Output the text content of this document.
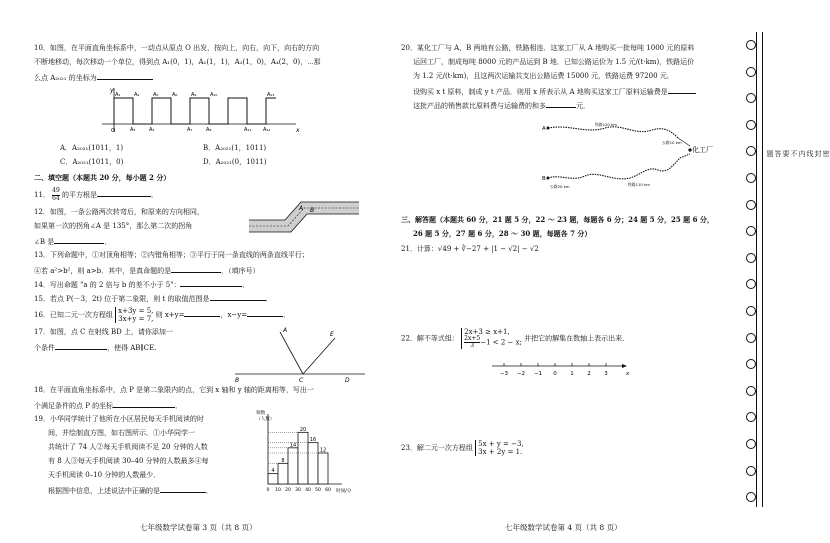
10．如图，在平面直角坐标系中，一动点从原点 O 出发，按向上，向右，向下，向右的方向
不断地移动，每次移动一个单位，得到点 A₁(0，1)，A₂(1，1)，A₃(1，0)，A₄(2，0)，⋯那
么点 A₂₀₂₁ 的坐标为
y
x
O
A₁	A₂	A₅	A₆	A₉	A₁₀	A₁₃
A₃	A₄	A₇	A₈	A₁₁ A₁₂
A．A₂₀₂₁(1011，1)	B．A₂₀₂₁(1，1011)
C．A₂₀₂₁(1011，0)	D．A₂₀₂₁(0，1011)
二、填空题（本题共 20 分，每小题 2 分）
11． $\frac{49}{64}$ 的平方根是	．
12．如图，一条公路两次转弯后，和原来的方向相同，
如果第一次的拐角∠A 是 135°，那么第二次的拐角
∠B 是	．
A B
13．下列命题中，①对顶角相等；②内错角相等；③平行于同一条直线的两条直线平行；
④若 a²>b²，则 a>b．其中，是真命题的是	．（填序号）
14．写出命题 "a 的 2 倍与 b 的差不小于 5"：	．
15．若点 P(－3，2t) 位于第二象限，则 t 的取值范围是	．
16．已知二元一次方程组 x+3y = 5,
3x+y = 7, 则 x+y=	，x−y=	．
17．如图，点 C 在射线 BD 上，请你添加一
个条件	，使得 AB∥CE.
A
E
B	C	D
18．在平面直角坐标系中，点 P 是第二象限内的点，它到 x 轴和 y 轴的距离相等，写出一
个满足条件的点 P 的坐标	．
19．小华同学统计了他所在小区居民每天手机阅读的时
间，并绘制直方图，如右图所示．①小华同学一
共统计了 74 人②每天手机阅读不足 20 分钟的人数
有 8 人③每天手机阅读 30–40 分钟的人数最多④每
天手机阅读 0–10 分钟的人数最少．
根据图中信息，上述说法中正确的是	．
4
8
14
20
16
12
0 10 20 30 40 50 60 时间/分
频数（人数）
七年级数学试卷第 3 页（共 8 页）
20．某化工厂与 A，B 两地有公路，铁路相连．这家工厂从 A 地购买一批每吨 1000 元的原料
运回工厂，制成每吨 8000 元的产品运到 B 地．已知公路运价为 1.5 元/(t·km)，铁路运价
为 1.2 元/(t·km)，且这两次运输共支出公路运费 15000 元，铁路运费 97200 元．
设购买 x t 原料，制成 y t 产品．则用 x 所表示从 A 地购买这家工厂原料运输费是
这批产品的销售款比原料费与运输费的和多	元．
A
B
化工厂
铁路120 km
公路10 km
公路20 km	铁路110 km
三、解答题（本题共 60 分，21 题 5 分，22 ～ 23 题，每题各 6 分；24 题 5 分，25 题 6 分，
26 题 5 分，27 题 6 分，28 ～ 30 题，每题各 7 分）
21．计算：√49 + ∛−27 + |1 − √2| − √2
22．解不等式组：
2x+3 ≥ x+1,
$\frac{2x+5}{3} -1 < 2 - x$; 并把它的解集在数轴上表示出来．
−3 −2 −1 0 1 2 3	x
23．解二元一次方程组 5x + y = −3,
3x + 2y = 1.
七年级数学试卷第 4 页（共 8 页）
密
封
线
内
不
要
答
题
